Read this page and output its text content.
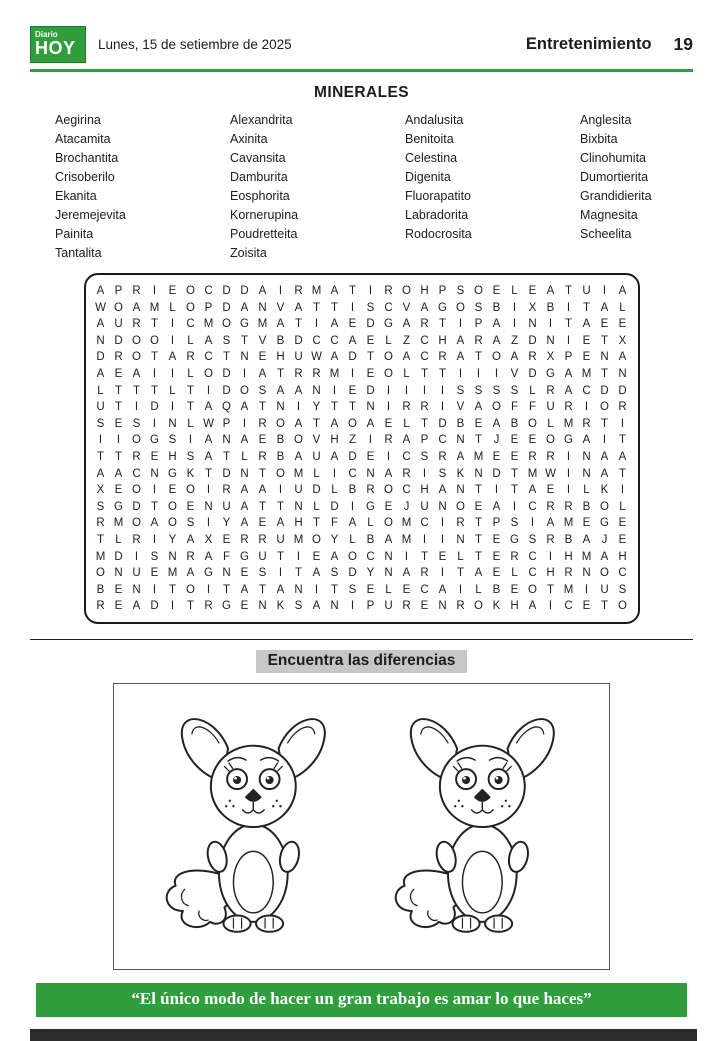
Diario
HOY	Lunes, 15 de setiembre de 2025	Entretenimiento 19
MINERALES
Aegirina
Atacamita
Brochantita
Crisoberilo
Ekanita
Jeremejevita
Painita
Tantalita
Alexandrita
Axinita
Cavansita
Damburita
Eosphorita
Kornerupina
Poudretteita
Zoisita
Andalusita
Benitoita
Celestina
Digenita
Fluorapatito
Labradorita
Rodocrosita
Anglesita
Bixbita
Clinohumita
Dumortierita
Grandidierita
Magnesita
Scheelita
A P R	I	E O C D D A	I	R M A T	I	R O H P S O E L E A T U	I	A
W O A M L O P D A N V A T T	I	S C V A G O S B	I	X B	I	T A L
A U R T	I	C M O G M A T	I	A E D G A R T	I	P A	I	N	I	T A E E
N D O O	I	L A S T V B D C C A E L Z C H A R A Z D N	I	E T X
D R O T A R C T N E H U W A D T O A C R A T O A R X P E N A
A E A	I	I	L O D	I	A T R R M	I	E O L T T	I	I	I	V D G A M T N
L T T T L T	I	D O S A A N	I	E D	I	I	I	I	S S S S L R A C D D
U T	I	D	I	T A Q A T N	I	Y T T N	I	R R	I	V A O F F U R	I	O R
S E S	I	N L W P	I	R O A T A O A E L T D B E A B O L M R T	I
I	I	O G S	I	A N A E B O V H Z	I	R A P C N T	J E E O G A	I	T
T T R E H S A T L R B A U A D E	I	C S R A M E E R R	I	N A A
A A C N G K T D N T O M L	I	C N A R	I	S K N D T M W I	N A T
X E O	I	E O	I	R A A	I	U D L B R O C H A N T	I	T A E	I	L K	I
S G D T O E N U A T T N L D	I	G E J U N O E A	I	C R R B O L
R M O A O S	I	Y A E A H T F A L O M C	I	R T P S	I	A M E G E
T L R	I	Y A X E R R U M O Y L B A M	I	I	N T E G S R B A J E
M D	I	S N R A F G U T	I	E A O C N	I	T E L T E R C	I	H M A H
O N U E M A G N E S	I	T A S D Y N A R	I	T A E L C H R N O C
B E N	I	T O	I	T A T A N	I	T S E L E C A	I	L B E O T M	I	U S
R E A D	I	T R G E N K S A N	I	P U R E N R O K H A	I	C E T O
Encuentra las diferencias
“El único modo de hacer un gran trabajo es amar lo que haces”
